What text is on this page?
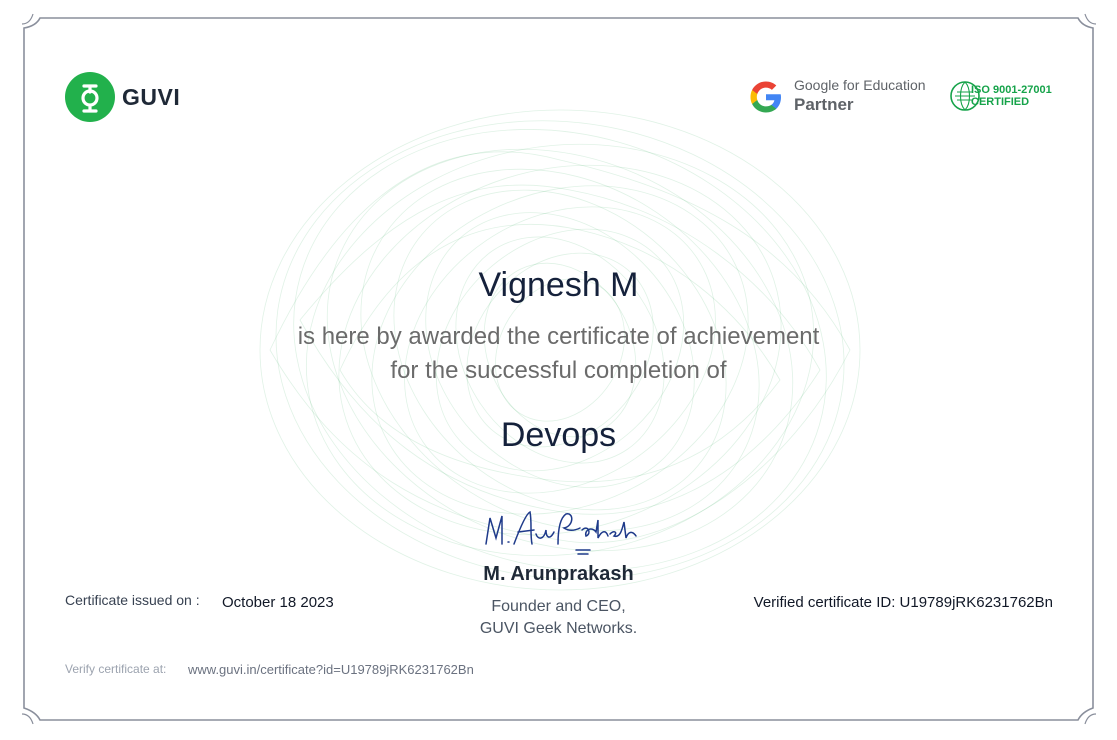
GUVI	Google for Education
Partner
ISO 9001-27001
CERTIFIED
Vignesh M
is here by awarded the certificate of achievement
for the successful completion of
Devops
M. Arunprakash
Founder and CEO,
GUVI Geek Networks.
Certificate issued on : October 18 2023	Verified certificate ID: U19789jRK6231762Bn
Verify certificate at: www.guvi.in/certificate?id=U19789jRK6231762Bn
